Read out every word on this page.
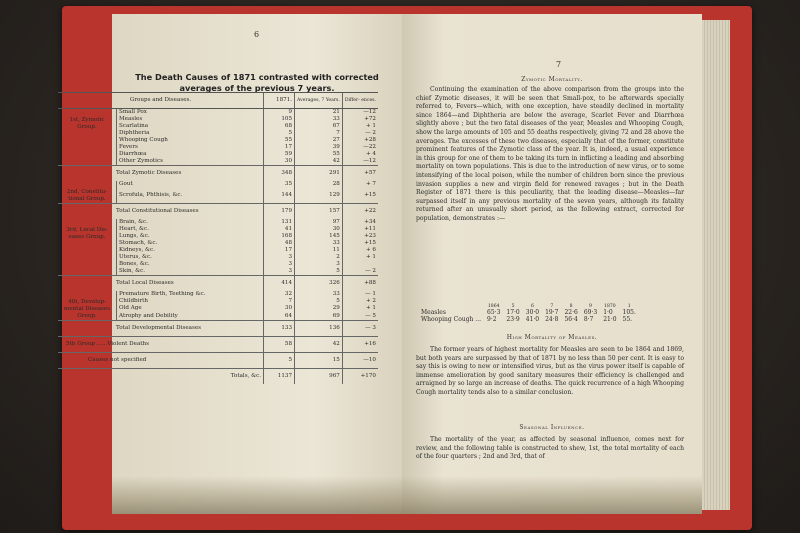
6
The Death Causes of 1871 contrasted with corrected
averages of the previous 7 years.
Groups and Diseases.		1871.	Averages, 7 Years.	Differ- ences.
1st, Zymotic Group.	Small Pox	9	21	—12
	Measles	105	33	+72
	Scarlatina	68	67	+ 1
	Diphtheria	5	7	— 2
	Whooping Cough	55	27	+28
	Fevers	17	39	—22
	Diarrhœa	59	55	+ 4
	Other Zymotics	30	42	—12
Total Zymotic Diseases		348	291	+57
2nd, Constitu- tional Group.	Gout	35	28	+ 7
	Scrofula, Phthisis, &c.	144	129	+15
Total Constitutional Diseases		179	157	+22
3rd, Local Dis- eases Group.	Brain, &c.	131	97	+34
	Heart, &c.	41	30	+11
	Lungs, &c.	168	145	+23
	Stomach, &c.	48	33	+15
	Kidneys, &c.	17	11	+ 6
	Uterus, &c.	3	2	+ 1
	Bones, &c.	3	3	
	Skin, &c.	3	5	— 2
Total Local Diseases		414	326	+88
4th, Develop- mental Diseases Group.	Premature Birth, Teething &c.	32	33	— 1
	Childbirth	7	5	+ 2
	Old Age	30	29	+ 1
	Atrophy and Debility	64	69	— 5
Total Developmental Diseases		133	136	— 3
5th Group ......Violent Deaths		58	42	+16
Causes not specified		5	15	—10
Totals, &c.		1137	967	+170
7
Zymotic Mortality.
Continuing the examination of the above comparison from the groups into the chief Zymotic diseases, it will be seen that Small-pox, to be afterwards specially referred to, Fevers—which, with one exception, have steadily declined in mortality since 1864—and Diphtheria are below the average, Scarlet Fever and Diarrhœa slightly above ; but the two fatal diseases of the year, Measles and Whooping Cough, show the large amounts of 105 and 55 deaths respectively, giving 72 and 28 above the averages. The excesses of these two diseases, especially that of the former, constitute prominent features of the Zymotic class of the year. It is, indeed, a usual experience in this group for one of them to be taking its turn in inflicting a leading and absorbing mortality on town populations. This is due to the introduction of new virus, or to some intensifying of the local poison, while the number of children born since the previous invasion supplies a new and virgin field for renewed ravages ; but in the Death Register of 1871 there is this peculiarity, that the leading disease—Measles—far surpassed itself in any previous mortality of the seven years, although its fatality returned after an unusually short period, as the following extract, corrected for population, demonstrates :—
	1864	5	6	7	8	9	1870	1
Measles	65·3	17·0	30·0	19·7	22·6	69·3	1·0	105.
Whooping Cough ...	9·2	23·9	41·0	24·8	56·4	8·7	21·0	55.
High Mortality of Measles.
The former years of highest mortality for Measles are seen to be 1864 and 1869, but both years are surpassed by that of 1871 by no less than 50 per cent. It is easy to say this is owing to new or intensified virus, but as the virus power itself is capable of immense amelioration by good sanitary measures their efficiency is challenged and arraigned by so large an increase of deaths. The quick recurrence of a high Whooping Cough mortality tends also to a similar conclusion.
Seasonal Influence.
The mortality of the year, as affected by seasonal influence, comes next for review, and the following table is constructed to shew, 1st, the total mortality of each of the four quarters ; 2nd and 3rd, that of
